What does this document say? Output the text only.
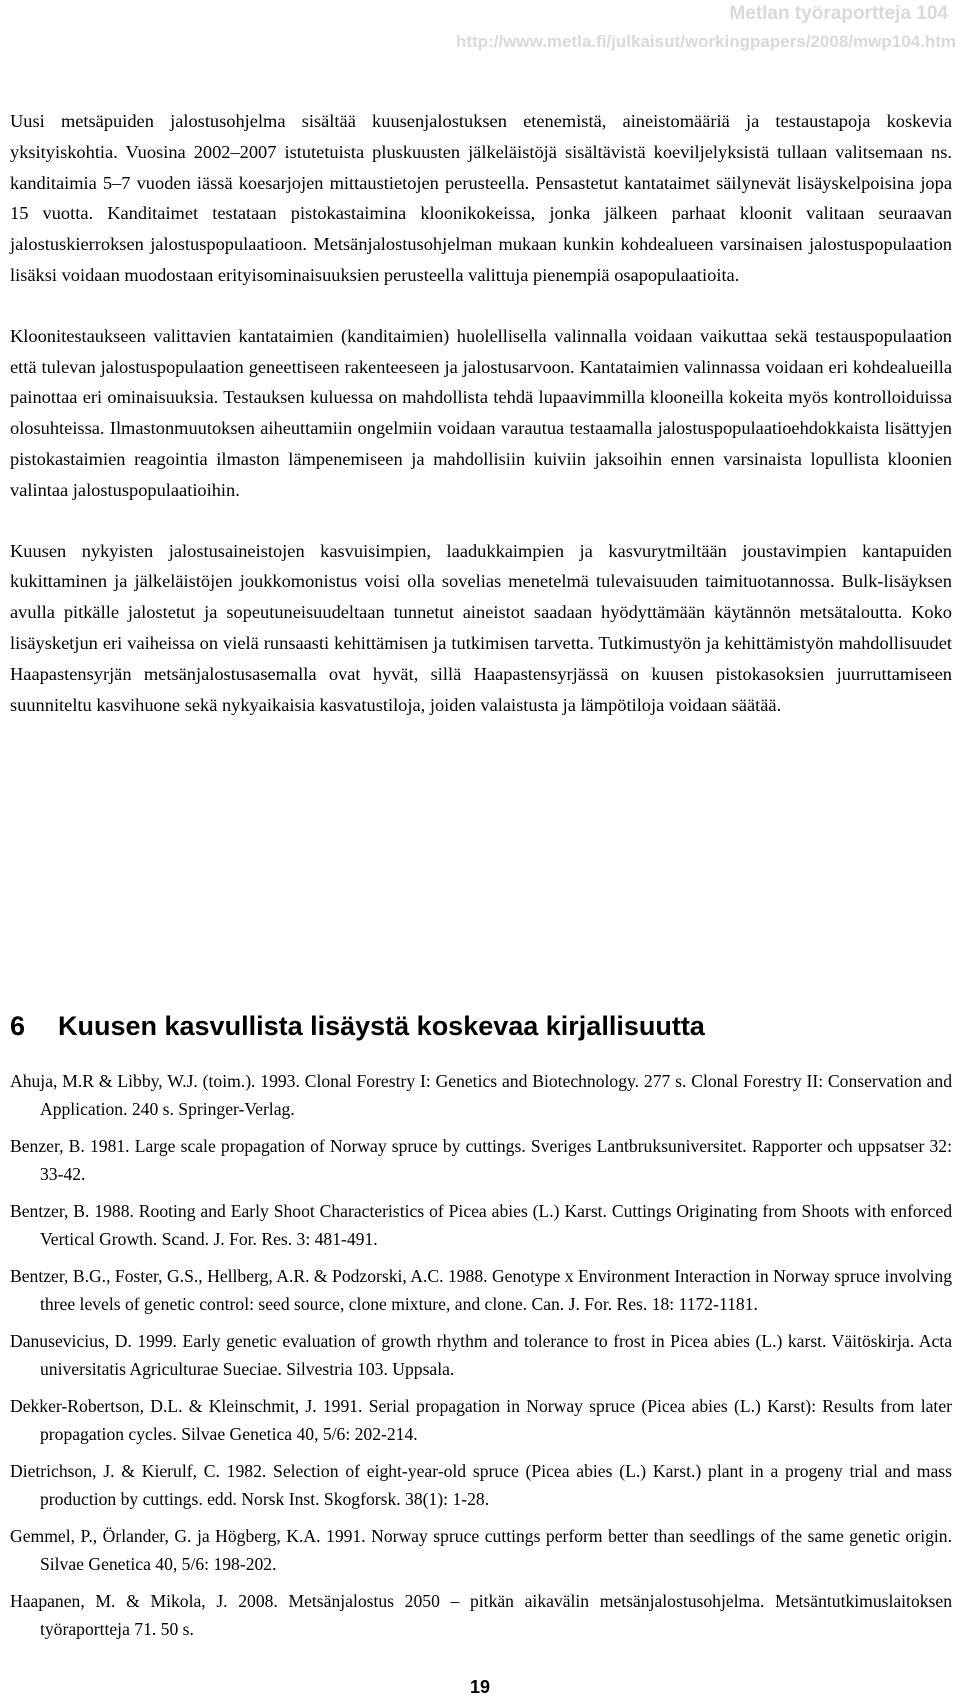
Metlan työraportteja 104
http://www.metla.fi/julkaisut/workingpapers/2008/mwp104.htm

Uusi metsäpuiden jalostusohjelma sisältää kuusenjalostuksen etenemistä, aineistomääriä ja testaustapoja koskevia yksityiskohtia. Vuosina 2002–2007 istutetuista pluskuusten jälkeläistöjä sisältävistä koeviljelyksistä tullaan valitsemaan ns. kanditaimia 5–7 vuoden iässä koesarjojen mittaustietojen perusteella. Pensastetut kantataimet säilynevät lisäyskelpoisina jopa 15 vuotta. Kanditaimet testataan pistokastaimina kloonikokeissa, jonka jälkeen parhaat kloonit valitaan seuraavan jalostuskierroksen jalostuspopulaatioon. Metsänjalostusohjelman mukaan kunkin kohdealueen varsinaisen jalostuspopulaation lisäksi voidaan muodostaan erityisominaisuuksien perusteella valittuja pienempiä osapopulaatioita.

Kloonitestaukseen valittavien kantataimien (kanditaimien) huolellisella valinnalla voidaan vaikuttaa sekä testauspopulaation että tulevan jalostuspopulaation geneettiseen rakenteeseen ja jalostusarvoon. Kantataimien valinnassa voidaan eri kohdealueilla painottaa eri ominaisuuksia. Testauksen kuluessa on mahdollista tehdä lupaavimmilla klooneilla kokeita myös kontrolloiduissa olosuhteissa. Ilmastonmuutoksen aiheuttamiin ongelmiin voidaan varautua testaamalla jalostuspopulaatioehdokkaista lisättyjen pistokastaimien reagointia ilmaston lämpenemiseen ja mahdollisiin kuiviin jaksoihin ennen varsinaista lopullista kloonien valintaa jalostuspopulaatioihin.

Kuusen nykyisten jalostusaineistojen kasvuisimpien, laadukkaimpien ja kasvurytmiltään joustavimpien kantapuiden kukittaminen ja jälkeläistöjen joukkomonistus voisi olla sovelias menetelmä tulevaisuuden taimituotannossa. Bulk-lisäyksen avulla pitkälle jalostetut ja sopeutuneisuudeltaan tunnetut aineistot saadaan hyödyttämään käytännön metsätaloutta. Koko lisäysketjun eri vaiheissa on vielä runsaasti kehittämisen ja tutkimisen tarvetta. Tutkimustyön ja kehittämistyön mahdollisuudet Haapastensyrjän metsänjalostusasemalla ovat hyvät, sillä Haapastensyrjässä on kuusen pistokasoksien juurruttamiseen suunniteltu kasvihuone sekä nykyaikaisia kasvatustiloja, joiden valaistusta ja lämpötiloja voidaan säätää.

6 Kuusen kasvullista lisäystä koskevaa kirjallisuutta

Ahuja, M.R & Libby, W.J. (toim.). 1993. Clonal Forestry I: Genetics and Biotechnology. 277 s. Clonal Forestry II: Conservation and Application. 240 s. Springer-Verlag.

Benzer, B. 1981. Large scale propagation of Norway spruce by cuttings. Sveriges Lantbruksuniversitet. Rapporter och uppsatser 32: 33-42.

Bentzer, B. 1988. Rooting and Early Shoot Characteristics of Picea abies (L.) Karst. Cuttings Originating from Shoots with enforced Vertical Growth. Scand. J. For. Res. 3: 481-491.

Bentzer, B.G., Foster, G.S., Hellberg, A.R. & Podzorski, A.C. 1988. Genotype x Environment Interaction in Norway spruce involving three levels of genetic control: seed source, clone mixture, and clone. Can. J. For. Res. 18: 1172-1181.

Danusevicius, D. 1999. Early genetic evaluation of growth rhythm and tolerance to frost in Picea abies (L.) karst. Väitöskirja. Acta universitatis Agriculturae Sueciae. Silvestria 103. Uppsala.

Dekker-Robertson, D.L. & Kleinschmit, J. 1991. Serial propagation in Norway spruce (Picea abies (L.) Karst): Results from later propagation cycles. Silvae Genetica 40, 5/6: 202-214.

Dietrichson, J. & Kierulf, C. 1982. Selection of eight-year-old spruce (Picea abies (L.) Karst.) plant in a progeny trial and mass production by cuttings. edd. Norsk Inst. Skogforsk. 38(1): 1-28.

Gemmel, P., Örlander, G. ja Högberg, K.A. 1991. Norway spruce cuttings perform better than seedlings of the same genetic origin. Silvae Genetica 40, 5/6: 198-202.

Haapanen, M. & Mikola, J. 2008. Metsänjalostus 2050 – pitkän aikavälin metsänjalostusohjelma. Metsäntutkimuslaitoksen työraportteja 71. 50 s.

19
